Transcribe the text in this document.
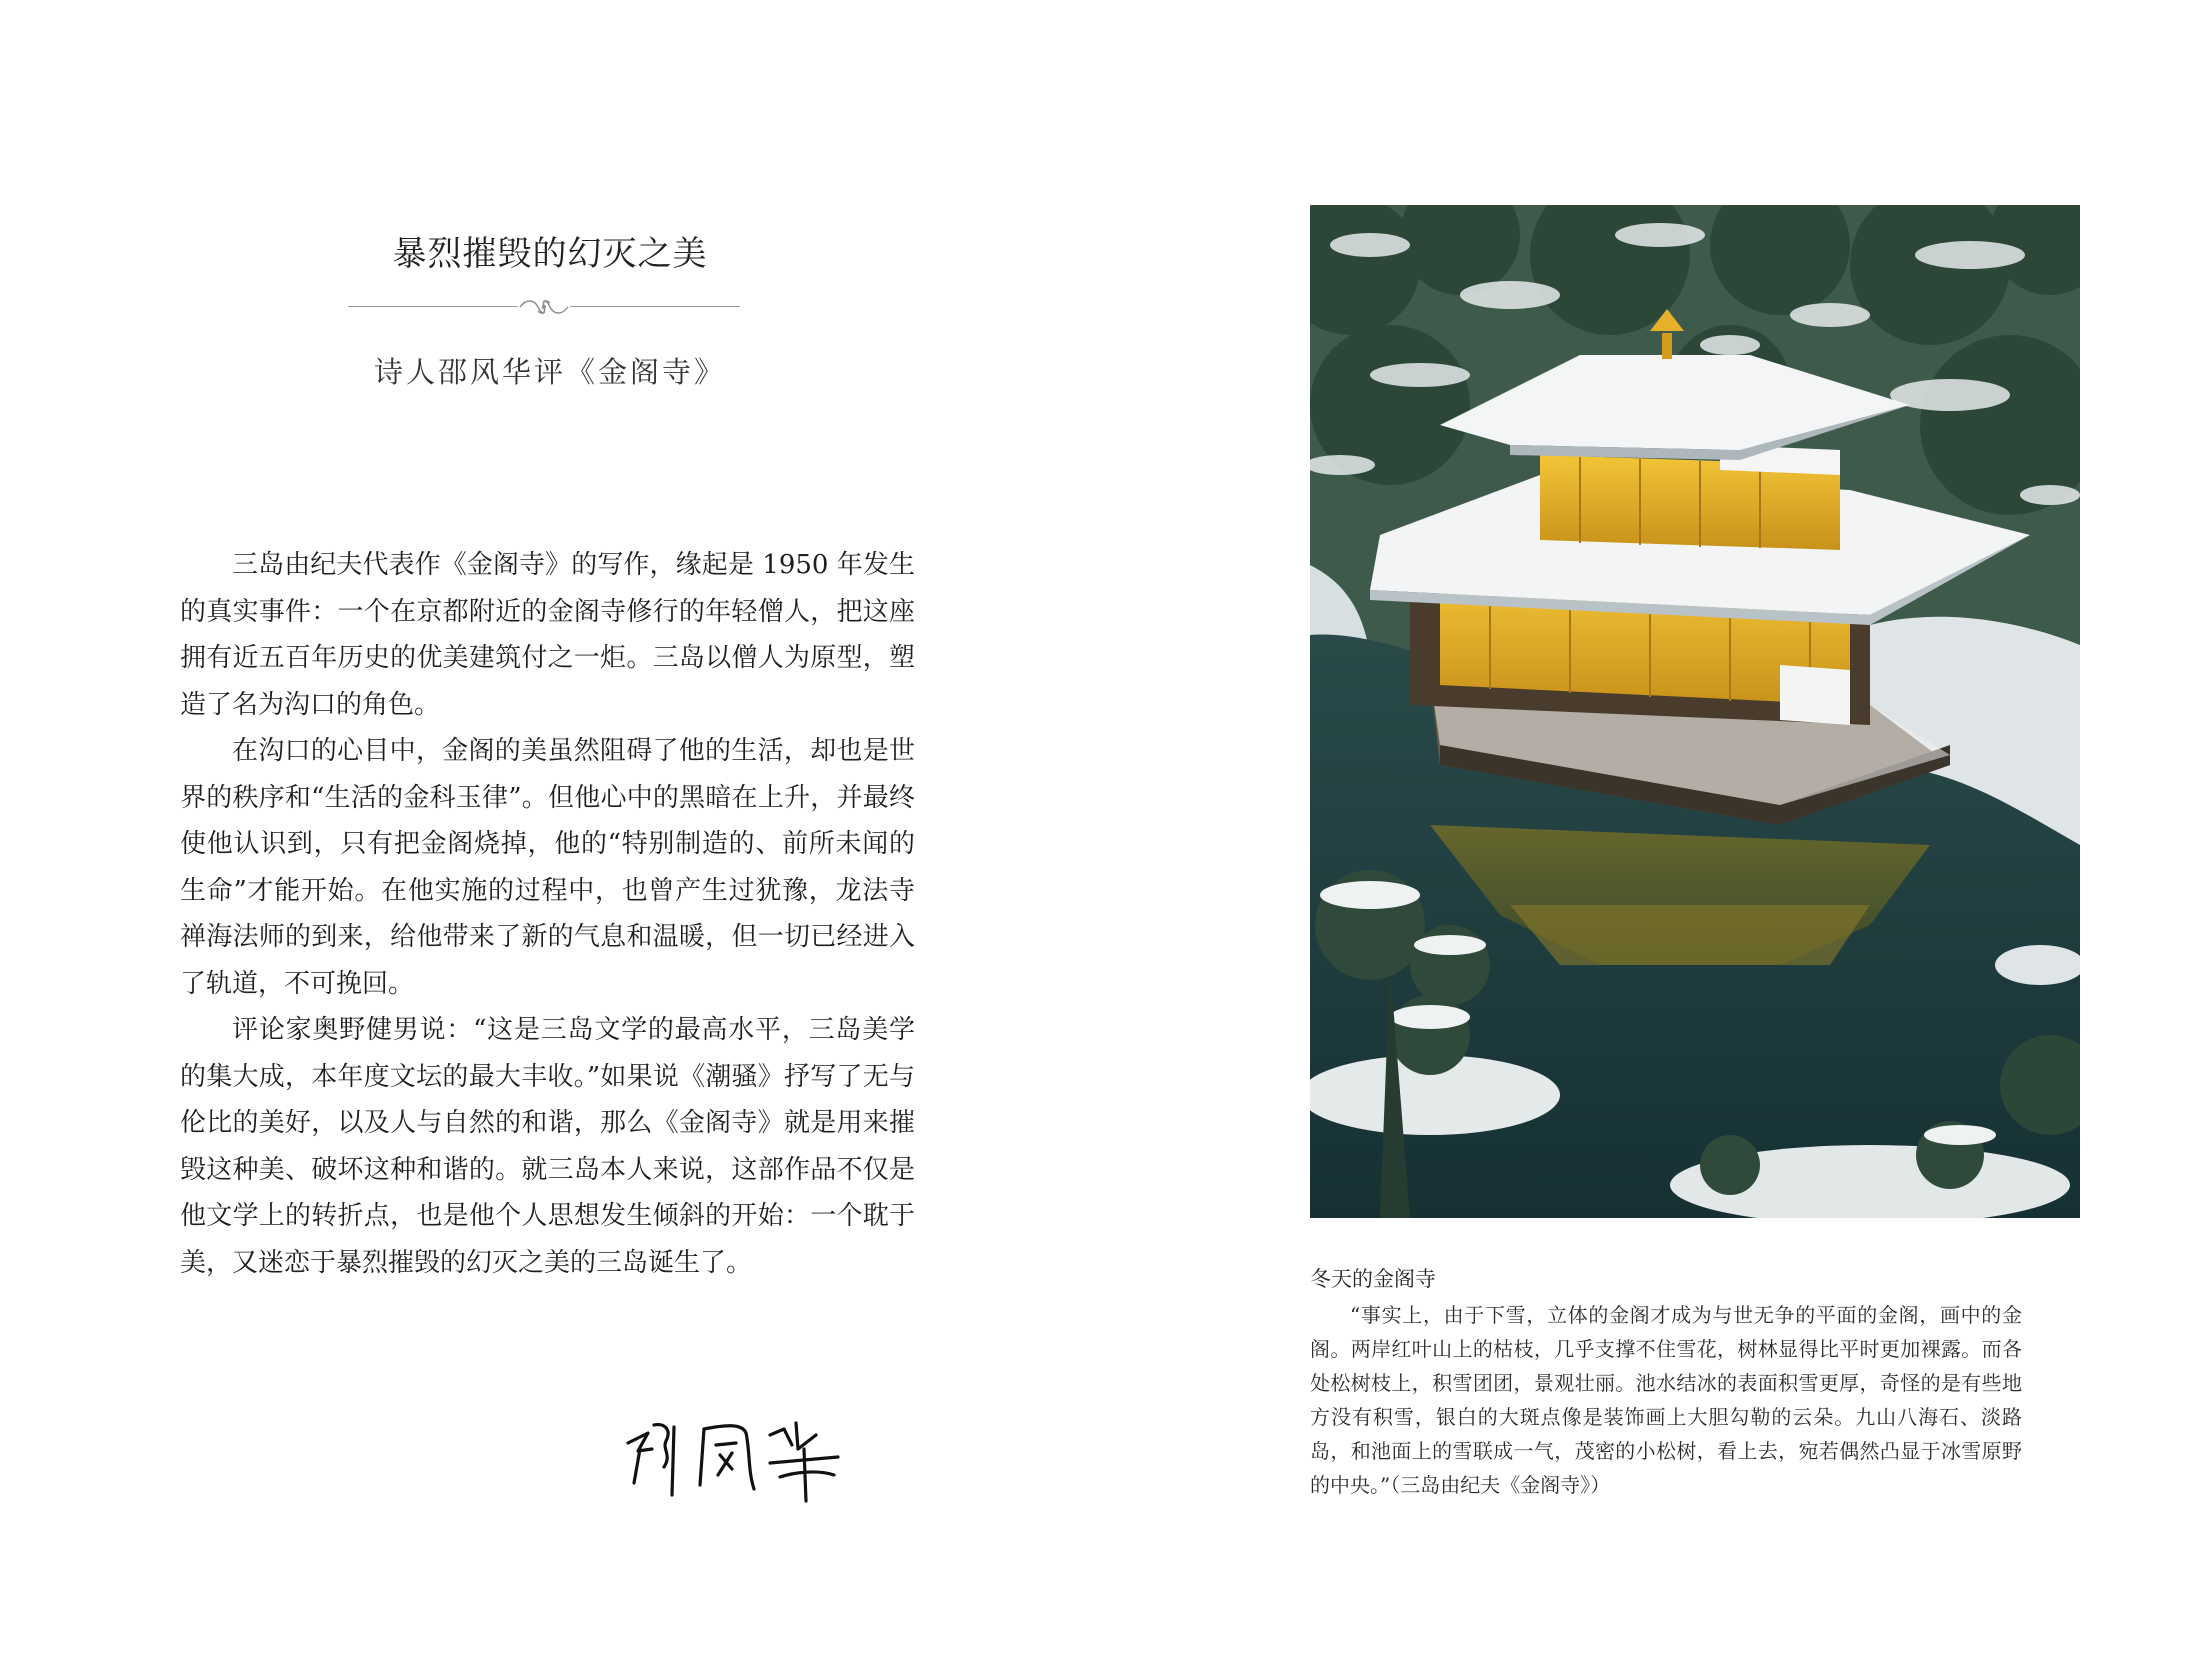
暴烈摧毁的幻灭之美
诗人邵风华评《金阁寺》

三岛由纪夫代表作《金阁寺》的写作，缘起是 1950 年发生的真实事件：一个在京都附近的金阁寺修行的年轻僧人，把这座拥有近五百年历史的优美建筑付之一炬。三岛以僧人为原型，塑造了名为沟口的角色。

在沟口的心目中，金阁的美虽然阻碍了他的生活，却也是世界的秩序和“生活的金科玉律”。但他心中的黑暗在上升，并最终使他认识到，只有把金阁烧掉，他的“特别制造的、前所未闻的生命”才能开始。在他实施的过程中，也曾产生过犹豫，龙法寺禅海法师的到来，给他带来了新的气息和温暖，但一切已经进入了轨道，不可挽回。

评论家奥野健男说：“这是三岛文学的最高水平，三岛美学的集大成，本年度文坛的最大丰收。”如果说《潮骚》抒写了无与伦比的美好，以及人与自然的和谐，那么《金阁寺》就是用来摧毁这种美、破坏这种和谐的。就三岛本人来说，这部作品不仅是他文学上的转折点，也是他个人思想发生倾斜的开始：一个耽于美，又迷恋于暴烈摧毁的幻灭之美的三岛诞生了。

冬天的金阁寺

“事实上，由于下雪，立体的金阁才成为与世无争的平面的金阁，画中的金阁。两岸红叶山上的枯枝，几乎支撑不住雪花，树林显得比平时更加裸露。而各处松树枝上，积雪团团，景观壮丽。池水结冰的表面积雪更厚，奇怪的是有些地方没有积雪，银白的大斑点像是装饰画上大胆勾勒的云朵。九山八海石、淡路岛，和池面上的雪联成一气，茂密的小松树，看上去，宛若偶然凸显于冰雪原野的中央。”（三岛由纪夫《金阁寺》）
